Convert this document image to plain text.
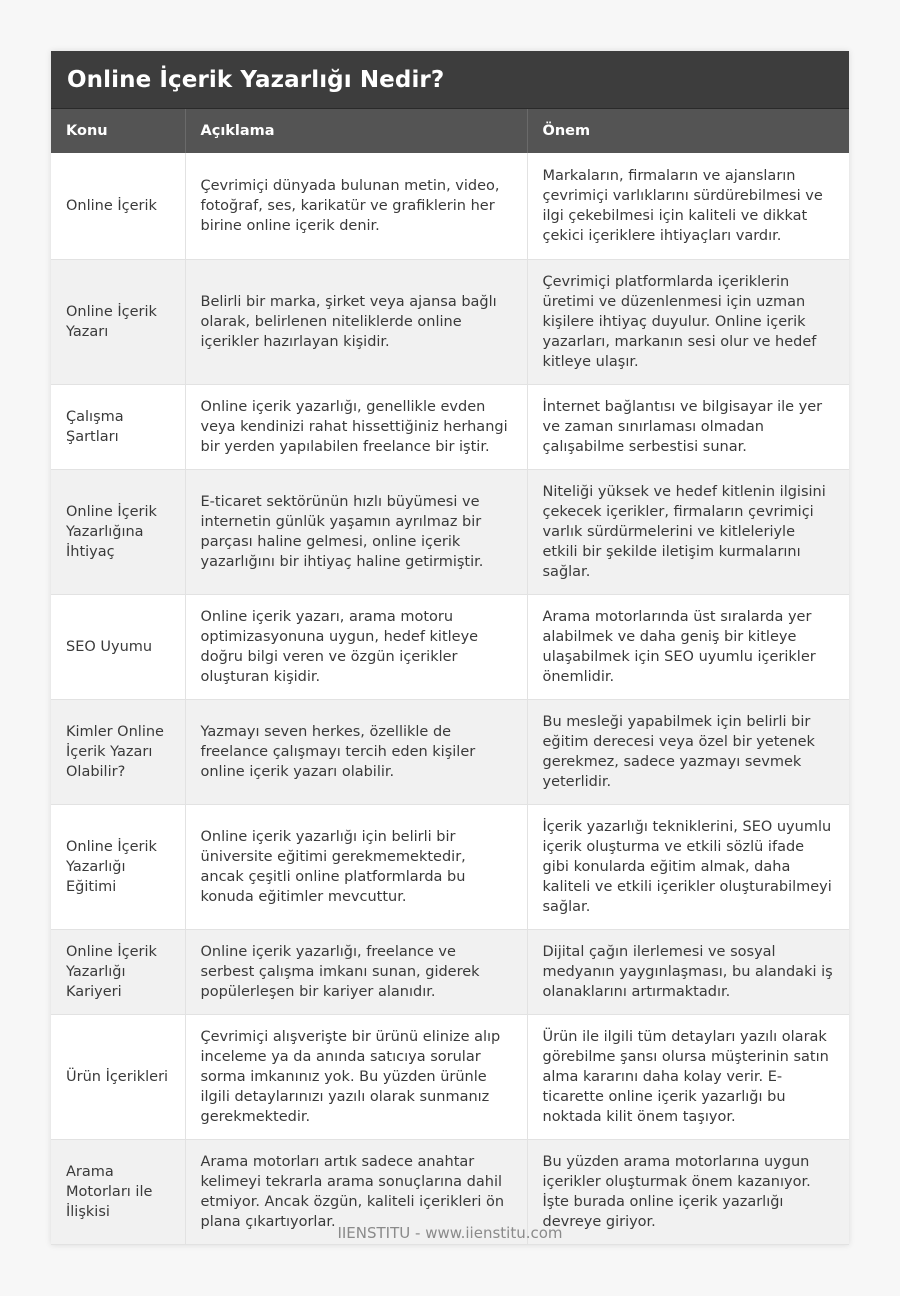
Online İçerik Yazarlığı Nedir?
Konu	Açıklama	Önem
Online İçerik	Çevrimiçi dünyada bulunan metin, video, fotoğraf, ses, karikatür ve grafiklerin her birine online içerik denir.	Markaların, firmaların ve ajansların çevrimiçi varlıklarını sürdürebilmesi ve ilgi çekebilmesi için kaliteli ve dikkat çekici içeriklere ihtiyaçları vardır.
Online İçerik Yazarı	Belirli bir marka, şirket veya ajansa bağlı olarak, belirlenen niteliklerde online içerikler hazırlayan kişidir.	Çevrimiçi platformlarda içeriklerin üretimi ve düzenlenmesi için uzman kişilere ihtiyaç duyulur. Online içerik yazarları, markanın sesi olur ve hedef kitleye ulaşır.
Çalışma Şartları	Online içerik yazarlığı, genellikle evden veya kendinizi rahat hissettiğiniz herhangi bir yerden yapılabilen freelance bir iştir.	İnternet bağlantısı ve bilgisayar ile yer ve zaman sınırlaması olmadan çalışabilme serbestisi sunar.
Online İçerik Yazarlığına İhtiyaç	E-ticaret sektörünün hızlı büyümesi ve internetin günlük yaşamın ayrılmaz bir parçası haline gelmesi, online içerik yazarlığını bir ihtiyaç haline getirmiştir.	Niteliği yüksek ve hedef kitlenin ilgisini çekecek içerikler, firmaların çevrimiçi varlık sürdürmelerini ve kitleleriyle etkili bir şekilde iletişim kurmalarını sağlar.
SEO Uyumu	Online içerik yazarı, arama motoru optimizasyonuna uygun, hedef kitleye doğru bilgi veren ve özgün içerikler oluşturan kişidir.	Arama motorlarında üst sıralarda yer alabilmek ve daha geniş bir kitleye ulaşabilmek için SEO uyumlu içerikler önemlidir.
Kimler Online İçerik Yazarı Olabilir?	Yazmayı seven herkes, özellikle de freelance çalışmayı tercih eden kişiler online içerik yazarı olabilir.	Bu mesleği yapabilmek için belirli bir eğitim derecesi veya özel bir yetenek gerekmez, sadece yazmayı sevmek yeterlidir.
Online İçerik Yazarlığı Eğitimi	Online içerik yazarlığı için belirli bir üniversite eğitimi gerekmemektedir, ancak çeşitli online platformlarda bu konuda eğitimler mevcuttur.	İçerik yazarlığı tekniklerini, SEO uyumlu içerik oluşturma ve etkili sözlü ifade gibi konularda eğitim almak, daha kaliteli ve etkili içerikler oluşturabilmeyi sağlar.
Online İçerik Yazarlığı Kariyeri	Online içerik yazarlığı, freelance ve serbest çalışma imkanı sunan, giderek popülerleşen bir kariyer alanıdır.	Dijital çağın ilerlemesi ve sosyal medyanın yaygınlaşması, bu alandaki iş olanaklarını artırmaktadır.
Ürün İçerikleri	Çevrimiçi alışverişte bir ürünü elinize alıp inceleme ya da anında satıcıya sorular sorma imkanınız yok. Bu yüzden ürünle ilgili detaylarınızı yazılı olarak sunmanız gerekmektedir.	Ürün ile ilgili tüm detayları yazılı olarak görebilme şansı olursa müşterinin satın alma kararını daha kolay verir. E-ticarette online içerik yazarlığı bu noktada kilit önem taşıyor.
Arama Motorları ile İlişkisi	Arama motorları artık sadece anahtar kelimeyi tekrarla arama sonuçlarına dahil etmiyor. Ancak özgün, kaliteli içerikleri ön plana çıkartıyorlar.	Bu yüzden arama motorlarına uygun içerikler oluşturmak önem kazanıyor. İşte burada online içerik yazarlığı devreye giriyor.
IIENSTITU - www.iienstitu.com
